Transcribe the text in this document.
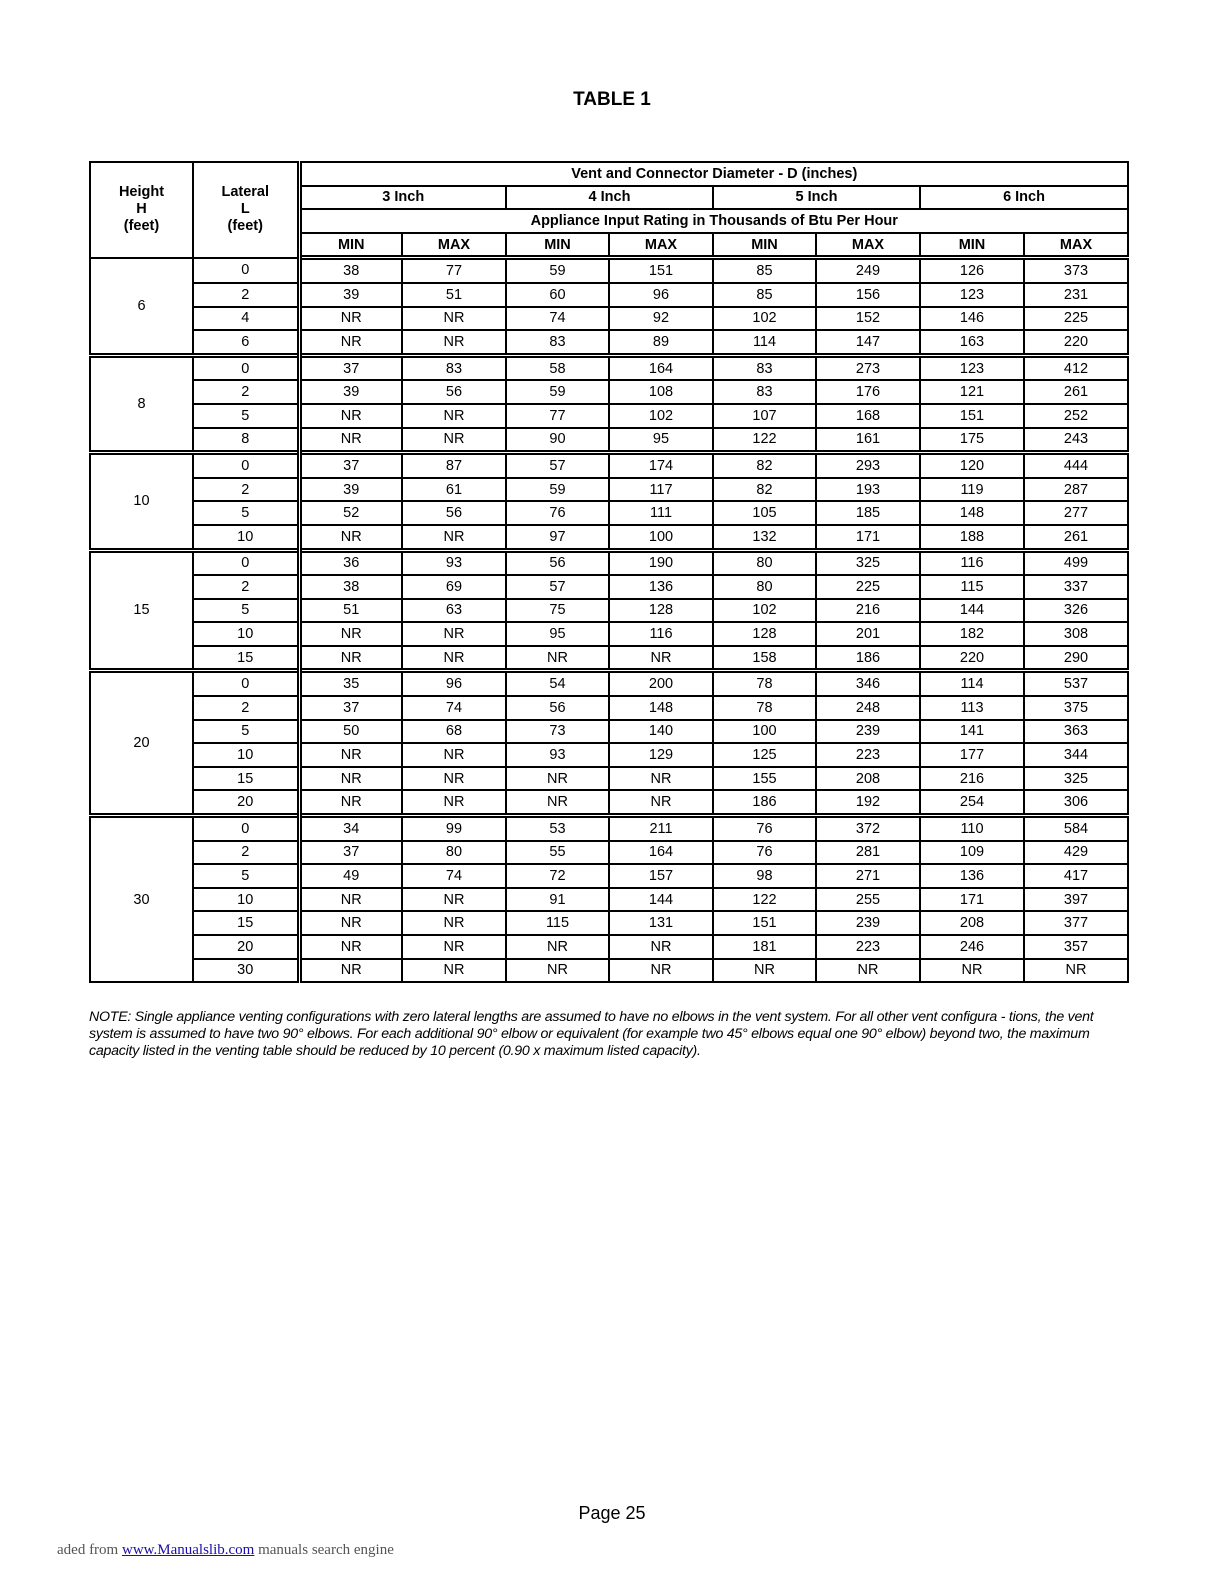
TABLE 1
Height
H
(feet)	Lateral
L
(feet)	Vent and Connector Diameter - D (inches)							
		3 Inch		4 Inch		5 Inch		6 Inch	
		Appliance Input Rating in Thousands of Btu Per Hour							
		MIN	MAX	MIN	MAX	MIN	MAX	MIN	MAX
6	0	38	77	59	151	85	249	126	373
	2	39	51	60	96	85	156	123	231
	4	NR	NR	74	92	102	152	146	225
	6	NR	NR	83	89	114	147	163	220
8	0	37	83	58	164	83	273	123	412
	2	39	56	59	108	83	176	121	261
	5	NR	NR	77	102	107	168	151	252
	8	NR	NR	90	95	122	161	175	243
10	0	37	87	57	174	82	293	120	444
	2	39	61	59	117	82	193	119	287
	5	52	56	76	111	105	185	148	277
	10	NR	NR	97	100	132	171	188	261
15	0	36	93	56	190	80	325	116	499
	2	38	69	57	136	80	225	115	337
	5	51	63	75	128	102	216	144	326
	10	NR	NR	95	116	128	201	182	308
	15	NR	NR	NR	NR	158	186	220	290
20	0	35	96	54	200	78	346	114	537
	2	37	74	56	148	78	248	113	375
	5	50	68	73	140	100	239	141	363
	10	NR	NR	93	129	125	223	177	344
	15	NR	NR	NR	NR	155	208	216	325
	20	NR	NR	NR	NR	186	192	254	306
30	0	34	99	53	211	76	372	110	584
	2	37	80	55	164	76	281	109	429
	5	49	74	72	157	98	271	136	417
	10	NR	NR	91	144	122	255	171	397
	15	NR	NR	115	131	151	239	208	377
	20	NR	NR	NR	NR	181	223	246	357
	30	NR	NR	NR	NR	NR	NR	NR	NR
NOTE: Single appliance venting configurations with zero lateral lengths are assumed to have no elbows in the vent system. For all other vent configura - tions, the vent system is assumed to have two 90° elbows. For each additional 90° elbow or equivalent (for example two 45° elbows equal one 90° elbow) beyond two, the maximum capacity listed in the venting table should be reduced by 10 percent (0.90 x maximum listed capacity).
Page 25
aded from www.Manualslib.com manuals search engine
